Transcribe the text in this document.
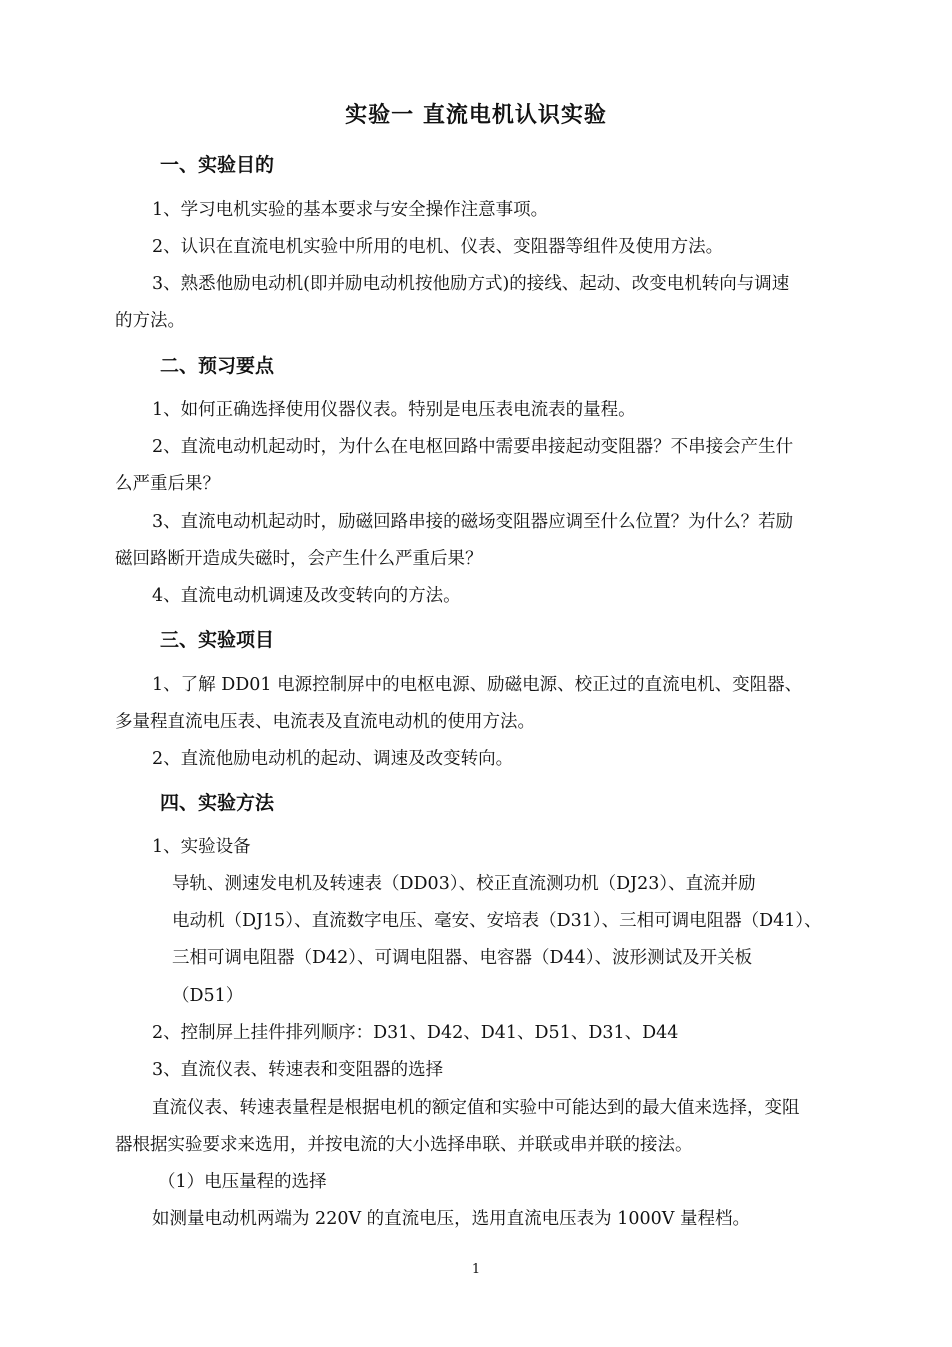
实验一 直流电机认识实验
一、实验目的
1、学习电机实验的基本要求与安全操作注意事项。
2、认识在直流电机实验中所用的电机、仪表、变阻器等组件及使用方法。
3、熟悉他励电动机(即并励电动机按他励方式)的接线、起动、改变电机转向与调速
的方法。
二、预习要点
1、如何正确选择使用仪器仪表。特别是电压表电流表的量程。
2、直流电动机起动时，为什么在电枢回路中需要串接起动变阻器？不串接会产生什
么严重后果？
3、直流电动机起动时，励磁回路串接的磁场变阻器应调至什么位置？为什么？若励
磁回路断开造成失磁时，会产生什么严重后果？
4、直流电动机调速及改变转向的方法。
三、实验项目
1、了解 DD01 电源控制屏中的电枢电源、励磁电源、校正过的直流电机、变阻器、
多量程直流电压表、电流表及直流电动机的使用方法。
2、直流他励电动机的起动、调速及改变转向。
四、实验方法
1、实验设备
导轨、测速发电机及转速表（DD03）、校正直流测功机（DJ23）、直流并励
电动机（DJ15）、直流数字电压、毫安、安培表（D31）、三相可调电阻器（D41）、
三相可调电阻器（D42）、可调电阻器、电容器（D44）、波形测试及开关板
（D51）
2、控制屏上挂件排列顺序：D31、D42、D41、D51、D31、D44
3、直流仪表、转速表和变阻器的选择
直流仪表、转速表量程是根据电机的额定值和实验中可能达到的最大值来选择，变阻
器根据实验要求来选用，并按电流的大小选择串联、并联或串并联的接法。
（1）电压量程的选择
如测量电动机两端为 220V 的直流电压，选用直流电压表为 1000V 量程档。
1
